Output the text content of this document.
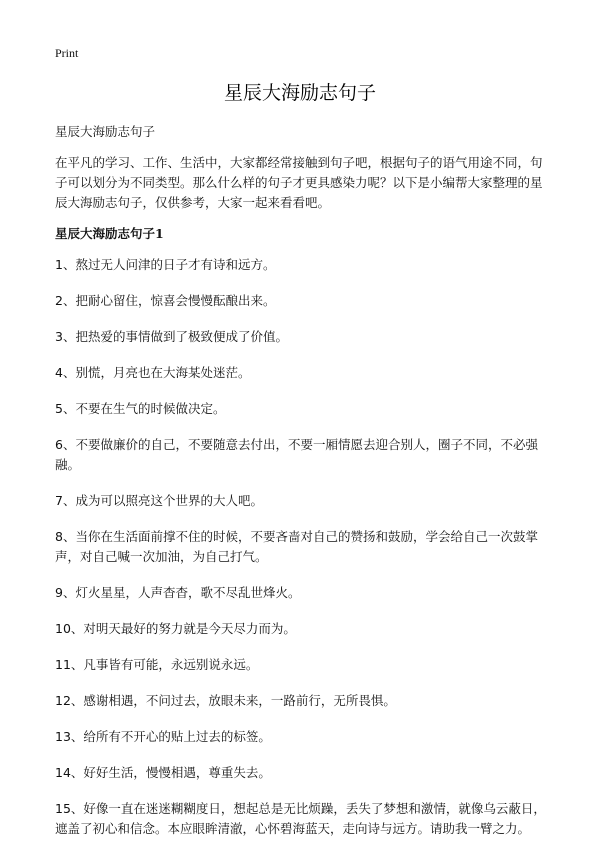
Print
星辰大海励志句子

星辰大海励志句子

在平凡的学习、工作、生活中，大家都经常接触到句子吧，根据句子的语气用途不同，句子可以划分为不同类型。那么什么样的句子才更具感染力呢？以下是小编帮大家整理的星辰大海励志句子，仅供参考，大家一起来看看吧。

星辰大海励志句子1

1、熬过无人问津的日子才有诗和远方。
2、把耐心留住，惊喜会慢慢酝酿出来。
3、把热爱的事情做到了极致便成了价值。
4、别慌，月亮也在大海某处迷茫。
5、不要在生气的时候做决定。
6、不要做廉价的自己，不要随意去付出，不要一厢情愿去迎合别人，圈子不同，不必强融。
7、成为可以照亮这个世界的大人吧。
8、当你在生活面前撑不住的时候，不要吝啬对自己的赞扬和鼓励，学会给自己一次鼓掌声，对自己喊一次加油，为自己打气。
9、灯火星星，人声杳杳，歌不尽乱世烽火。
10、对明天最好的努力就是今天尽力而为。
11、凡事皆有可能，永远别说永远。
12、感谢相遇，不问过去，放眼未来，一路前行，无所畏惧。
13、给所有不开心的贴上过去的标签。
14、好好生活，慢慢相遇，尊重失去。
15、好像一直在迷迷糊糊度日，想起总是无比烦躁，丢失了梦想和激情，就像乌云蔽日，遮盖了初心和信念。本应眼眸清澈，心怀碧海蓝天，走向诗与远方。请助我一臂之力。
